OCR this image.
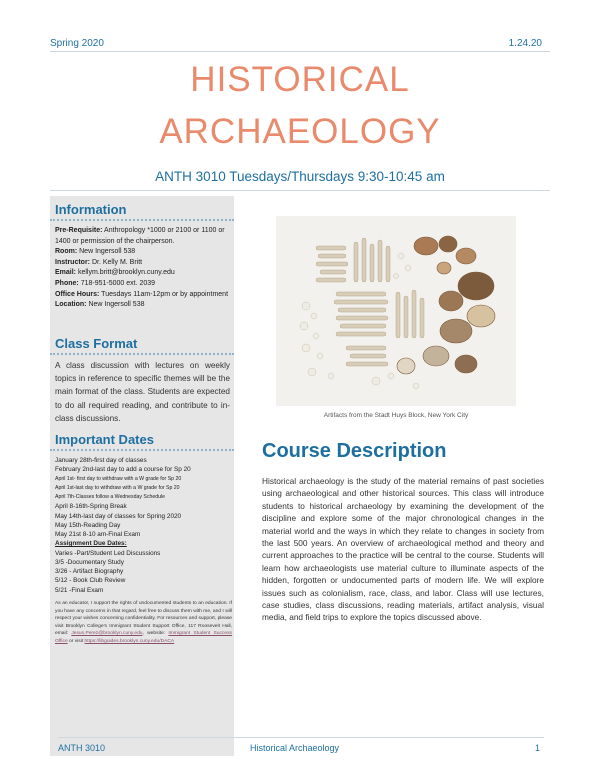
Spring 2020	1.24.20
HISTORICAL
ARCHAEOLOGY
ANTH 3010 Tuesdays/Thursdays 9:30-10:45 am
Information
Pre-Requisite: Anthropology *1000 or 2100 or 1100 or 1400 or permission of the chairperson.
Room: New Ingersoll 538
Instructor: Dr. Kelly M. Britt
Email: kellym.britt@brooklyn.cuny.edu
Phone: 718-951-5000 ext. 2039
Office Hours: Tuesdays 11am-12pm or by appointment
Location: New Ingersoll 538
Class Format
A class discussion with lectures on weekly topics in reference to specific themes will be the main format of the class. Students are expected to do all required reading, and contribute to in-class discussions.
Important Dates
January 28th-first day of classes
February 2nd-last day to add a course for Sp 20
April 1st- first day to withdraw with a W grade for Sp 20
April 1st-last day to withdraw with a W grade for Sp 20
April 7th-Classes follow a Wednesday Schedule
April 8-16th-Spring Break
May 14th-last day of classes for Spring 2020
May 15th-Reading Day
May 21st 8-10 am-Final Exam
Assignment Due Dates:
Varies -Part/Student Led Discussions
3/5 -Documentary Study
3/26 - Artifact Biography
5/12 - Book Club Review
5/21 -Final Exam
As an educator, I support the rights of undocumented students to an education. If you have any concerns in that regard, feel free to discuss them with me, and I will respect your wishes concerning confidentiality. For resources and support, please visit Brooklyn College's Immigrant Student Support Office, 117 Roosevelt Hall, email: Jesus.Perez@brooklyn.cuny.edu, website: Immigrant Student Success Office or visit https://libguides.brooklyn.cuny.edu/DACA
Artifacts from the Stadt Huys Block, New York City
Course Description
Historical archaeology is the study of the material remains of past societies using archaeological and other historical sources. This class will introduce students to historical archaeology by examining the development of the discipline and explore some of the major chronological changes in the material world and the ways in which they relate to changes in society from the last 500 years. An overview of archaeological method and theory and current approaches to the practice will be central to the course. Students will learn how archaeologists use material culture to illuminate aspects of the hidden, forgotten or undocumented parts of modern life. We will explore issues such as colonialism, race, class, and labor. Class will use lectures, case studies, class discussions, reading materials, artifact analysis, visual media, and field trips to explore the topics discussed above.
ANTH 3010	Historical Archaeology	1
